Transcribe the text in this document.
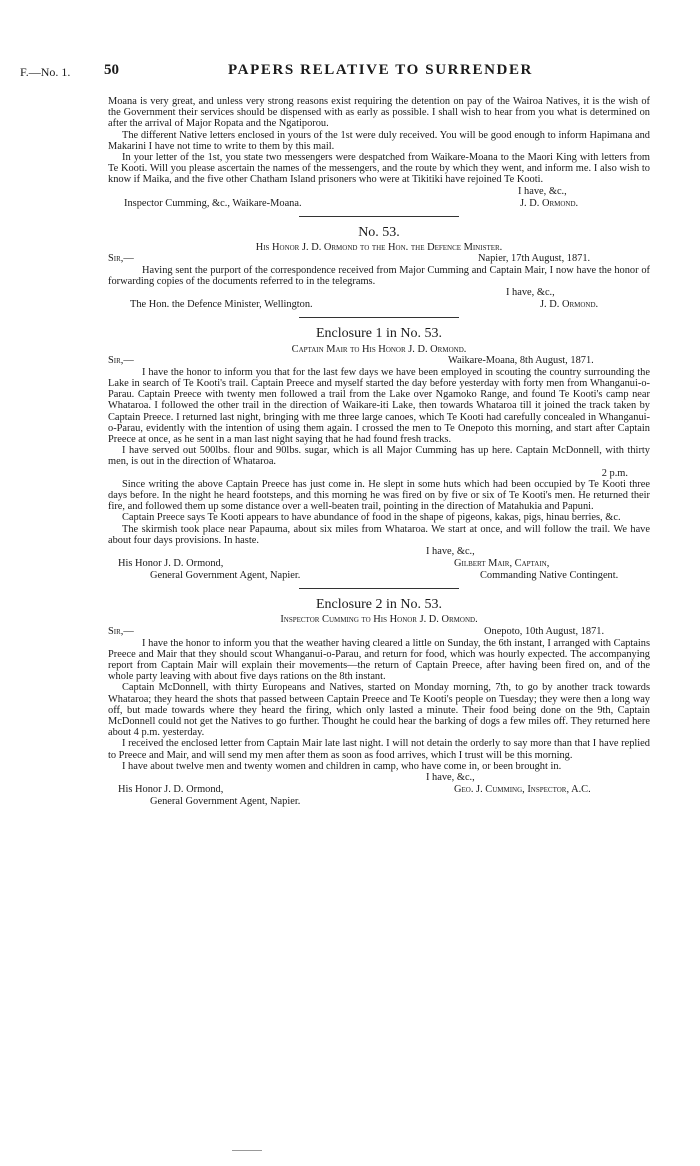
F.—No. 1. 50	PAPERS RELATIVE TO SURRENDER

Moana is very great, and unless very strong reasons exist requiring the detention on pay of the Wairoa Natives, it is the wish of the Government their services should be dispensed with as early as possible. I shall wish to hear from you what is determined on after the arrival of Major Ropata and the Ngatiporou.

The different Native letters enclosed in yours of the 1st were duly received. You will be good enough to inform Hapimana and Makarini I have not time to write to them by this mail.

In your letter of the 1st, you state two messengers were despatched from Waikare-Moana to the Maori King with letters from Te Kooti. Will you please ascertain the names of the messengers, and the route by which they went, and inform me. I also wish to know if Maika, and the five other Chatham Island prisoners who were at Tikitiki have rejoined Te Kooti.

I have, &c.,
Inspector Cumming, &c., Waikare-Moana.	J. D. Ormond.
No. 53.
His Honor J. D. Ormond to the Hon. the Defence Minister.
Sir,—	Napier, 17th August, 1871.

Having sent the purport of the correspondence received from Major Cumming and Captain Mair, I now have the honor of forwarding copies of the documents referred to in the telegrams.

I have, &c.,
The Hon. the Defence Minister, Wellington.	J. D. Ormond.
Enclosure 1 in No. 53.
Captain Mair to His Honor J. D. Ormond.
Sir,—	Waikare-Moana, 8th August, 1871.

I have the honor to inform you that for the last few days we have been employed in scouting the country surrounding the Lake in search of Te Kooti's trail. Captain Preece and myself started the day before yesterday with forty men from Whanganui-o-Parau. Captain Preece with twenty men followed a trail from the Lake over Ngamoko Range, and found Te Kooti's camp near Whataroa. I followed the other trail in the direction of Waikare-iti Lake, then towards Whataroa till it joined the track taken by Captain Preece. I returned last night, bringing with me three large canoes, which Te Kooti had carefully concealed in Whanganui-o-Parau, evidently with the intention of using them again. I crossed the men to Te Onepoto this morning, and start after Captain Preece at once, as he sent in a man last night saying that he had found fresh tracks.

I have served out 500lbs. flour and 90lbs. sugar, which is all Major Cumming has up here. Captain McDonnell, with thirty men, is out in the direction of Whataroa.

2 p.m.

Since writing the above Captain Preece has just come in. He slept in some huts which had been occupied by Te Kooti three days before. In the night he heard footsteps, and this morning he was fired on by five or six of Te Kooti's men. He returned their fire, and followed them up some distance over a well-beaten trail, pointing in the direction of Matahukia and Papuni.

Captain Preece says Te Kooti appears to have abundance of food in the shape of pigeons, kakas, pigs, hinau berries, &c.

The skirmish took place near Papauma, about six miles from Whataroa. We start at once, and will follow the trail. We have about four days provisions. In haste.

I have, &c.,
His Honor J. D. Ormond,	Gilbert Mair, Captain,
General Government Agent, Napier.	Commanding Native Contingent.
Enclosure 2 in No. 53.
Inspector Cumming to His Honor J. D. Ormond.
Sir,—	Onepoto, 10th August, 1871.

I have the honor to inform you that the weather having cleared a little on Sunday, the 6th instant, I arranged with Captains Preece and Mair that they should scout Whanganui-o-Parau, and return for food, which was hourly expected. The accompanying report from Captain Mair will explain their movements—the return of Captain Preece, after having been fired on, and of the whole party leaving with about five days rations on the 8th instant.

Captain McDonnell, with thirty Europeans and Natives, started on Monday morning, 7th, to go by another track towards Whataroa; they heard the shots that passed between Captain Preece and Te Kooti's people on Tuesday; they were then a long way off, but made towards where they heard the firing, which only lasted a minute. Their food being done on the 9th, Captain McDonnell could not get the Natives to go further. Thought he could hear the barking of dogs a few miles off. They returned here about 4 p.m. yesterday.

I received the enclosed letter from Captain Mair late last night. I will not detain the orderly to say more than that I have replied to Preece and Mair, and will send my men after them as soon as food arrives, which I trust will be this morning.

I have about twelve men and twenty women and children in camp, who have come in, or been brought in.

I have, &c.,
His Honor J. D. Ormond,	Geo. J. Cumming, Inspector, A.C.
General Government Agent, Napier.
